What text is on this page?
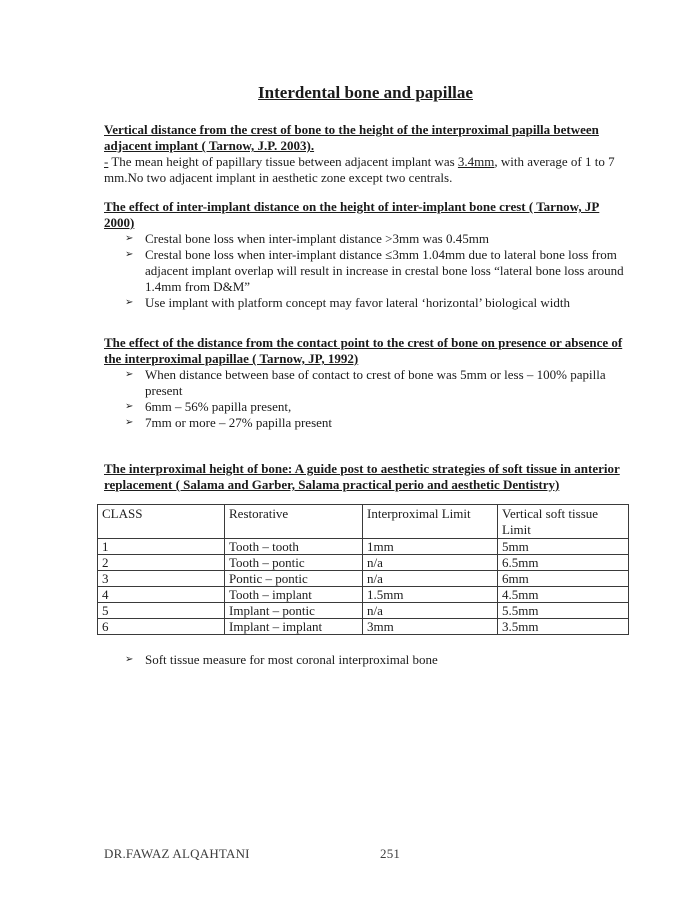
Interdental bone and papillae
Vertical distance from the crest of bone to the height of the interproximal papilla between adjacent implant ( Tarnow, J.P. 2003).

- The mean height of papillary tissue between adjacent implant was 3.4mm, with average of 1 to 7 mm.No two adjacent implant in aesthetic zone except two centrals.

The effect of inter-implant distance on the height of inter-implant bone crest ( Tarnow, JP 2000)
➢ Crestal bone loss when inter-implant distance >3mm was 0.45mm
➢ Crestal bone loss when inter-implant distance ≤3mm 1.04mm due to lateral bone loss from adjacent implant overlap will result in increase in crestal bone loss “lateral bone loss around 1.4mm from D&M”
➢ Use implant with platform concept may favor lateral ‘horizontal’ biological width
The effect of the distance from the contact point to the crest of bone on presence or absence of the interproximal papillae ( Tarnow, JP, 1992)
➢ When distance between base of contact to crest of bone was 5mm or less – 100% papilla present
➢ 6mm – 56% papilla present,
➢ 7mm or more – 27% papilla present
The interproximal height of bone: A guide post to aesthetic strategies of soft tissue in anterior replacement ( Salama and Garber, Salama practical perio and aesthetic Dentistry)
CLASS	Restorative	Interproximal Limit	Vertical soft tissue Limit
1	Tooth – tooth	1mm	5mm
2	Tooth – pontic	n/a	6.5mm
3	Pontic – pontic	n/a	6mm
4	Tooth – implant	1.5mm	4.5mm
5	Implant – pontic	n/a	5.5mm
6	Implant – implant	3mm	3.5mm
➢ Soft tissue measure for most coronal interproximal bone
DR.FAWAZ ALQAHTANI	251
